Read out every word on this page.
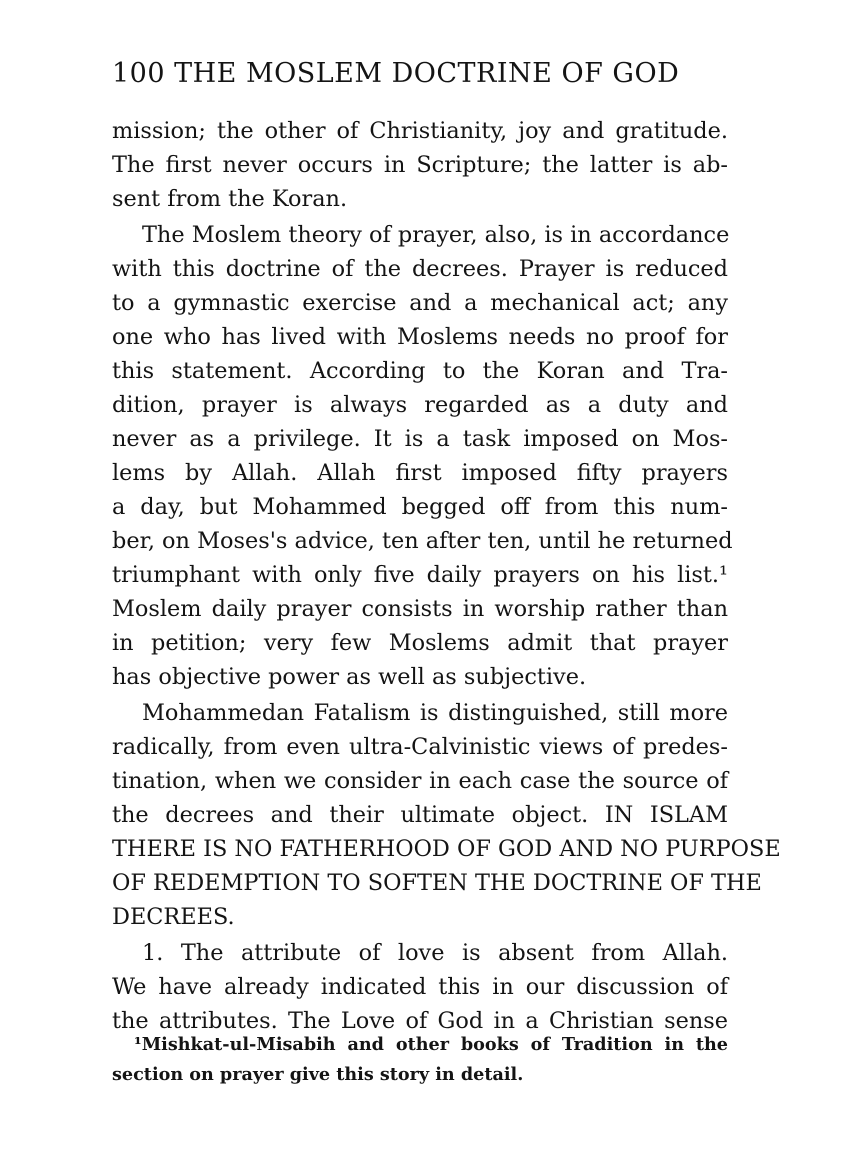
100 THE MOSLEM DOCTRINE OF GOD
mission; the other of Christianity, joy and gratitude.
The first never occurs in Scripture; the latter is ab-
sent from the Koran.
The Moslem theory of prayer, also, is in accordance
with this doctrine of the decrees. Prayer is reduced
to a gymnastic exercise and a mechanical act; any
one who has lived with Moslems needs no proof for
this statement. According to the Koran and Tra-
dition, prayer is always regarded as a duty and
never as a privilege. It is a task imposed on Mos-
lems by Allah. Allah first imposed fifty prayers
a day, but Mohammed begged off from this num-
ber, on Moses's advice, ten after ten, until he returned
triumphant with only five daily prayers on his list.¹
Moslem daily prayer consists in worship rather than
in petition; very few Moslems admit that prayer
has objective power as well as subjective.
Mohammedan Fatalism is distinguished, still more
radically, from even ultra-Calvinistic views of predes-
tination, when we consider in each case the source of
the decrees and their ultimate object. IN ISLAM
THERE IS NO FATHERHOOD OF GOD AND NO PURPOSE
OF REDEMPTION TO SOFTEN THE DOCTRINE OF THE
DECREES.
1. The attribute of love is absent from Allah.
We have already indicated this in our discussion of
the attributes. The Love of God in a Christian sense
¹Mishkat-ul-Misabih and other books of Tradition in the
section on prayer give this story in detail.
